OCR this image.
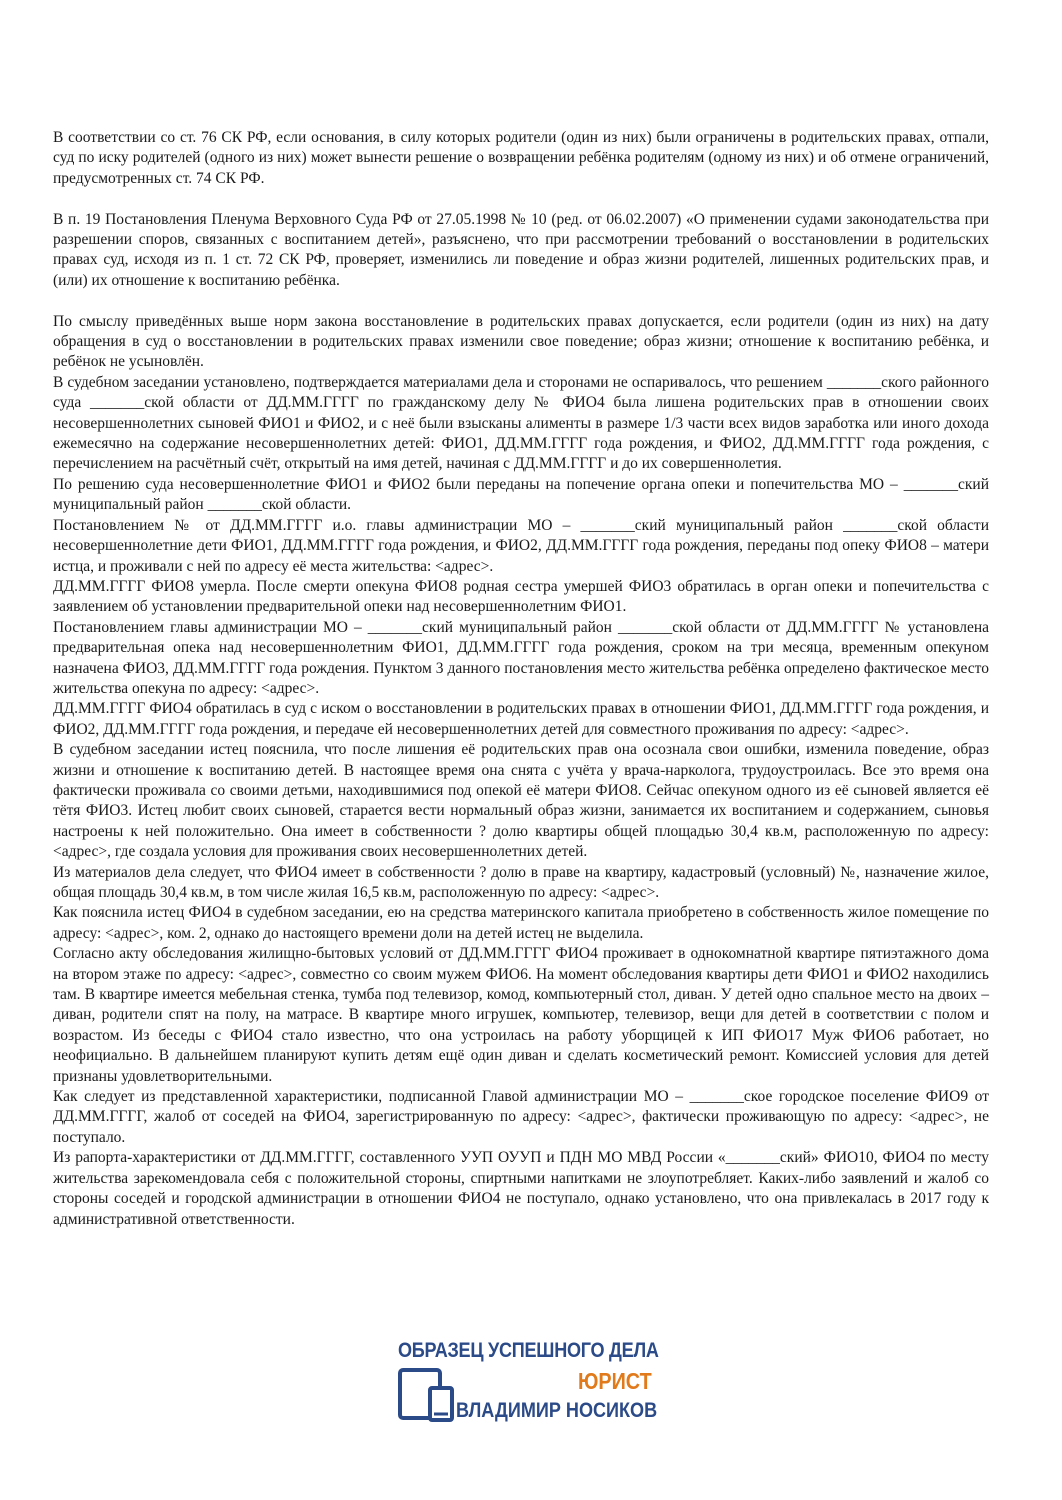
В соответствии со ст. 76 СК РФ, если основания, в силу которых родители (один из них) были ограничены в родительских правах, отпали, суд по иску родителей (одного из них) может вынести решение о возвращении ребёнка родителям (одному из них) и об отмене ограничений, предусмотренных ст. 74 СК РФ.

В п. 19 Постановления Пленума Верховного Суда РФ от 27.05.1998 № 10 (ред. от 06.02.2007) «О применении судами законодательства при разрешении споров, связанных с воспитанием детей», разъяснено, что при рассмотрении требований о восстановлении в родительских правах суд, исходя из п. 1 ст. 72 СК РФ, проверяет, изменились ли поведение и образ жизни родителей, лишенных родительских прав, и (или) их отношение к воспитанию ребёнка.

По смыслу приведённых выше норм закона восстановление в родительских правах допускается, если родители (один из них) на дату обращения в суд о восстановлении в родительских правах изменили свое поведение; образ жизни; отношение к воспитанию ребёнка, и ребёнок не усыновлён.

В судебном заседании установлено, подтверждается материалами дела и сторонами не оспаривалось, что решением _______ского районного суда _______ской области от ДД.ММ.ГГГГ по гражданскому делу № ФИО4 была лишена родительских прав в отношении своих несовершеннолетних сыновей ФИО1 и ФИО2, и с неё были взысканы алименты в размере 1/3 части всех видов заработка или иного дохода ежемесячно на содержание несовершеннолетних детей: ФИО1, ДД.ММ.ГГГГ года рождения, и ФИО2, ДД.ММ.ГГГГ года рождения, с перечислением на расчётный счёт, открытый на имя детей, начиная с ДД.ММ.ГГГГ и до их совершеннолетия.

По решению суда несовершеннолетние ФИО1 и ФИО2 были переданы на попечение органа опеки и попечительства МО – _______ский муниципальный район _______ской области.

Постановлением № от ДД.ММ.ГГГГ и.о. главы администрации МО – _______ский муниципальный район _______ской области несовершеннолетние дети ФИО1, ДД.ММ.ГГГГ года рождения, и ФИО2, ДД.ММ.ГГГГ года рождения, переданы под опеку ФИО8 – матери истца, и проживали с ней по адресу её места жительства: <адрес>.

ДД.ММ.ГГГГ ФИО8 умерла. После смерти опекуна ФИО8 родная сестра умершей ФИО3 обратилась в орган опеки и попечительства с заявлением об установлении предварительной опеки над несовершеннолетним ФИО1.

Постановлением главы администрации МО – _______ский муниципальный район _______ской области от ДД.ММ.ГГГГ № установлена предварительная опека над несовершеннолетним ФИО1, ДД.ММ.ГГГГ года рождения, сроком на три месяца, временным опекуном назначена ФИО3, ДД.ММ.ГГГГ года рождения. Пунктом 3 данного постановления место жительства ребёнка определено фактическое место жительства опекуна по адресу: <адрес>.

ДД.ММ.ГГГГ ФИО4 обратилась в суд с иском о восстановлении в родительских правах в отношении ФИО1, ДД.ММ.ГГГГ года рождения, и ФИО2, ДД.ММ.ГГГГ года рождения, и передаче ей несовершеннолетних детей для совместного проживания по адресу: <адрес>.

В судебном заседании истец пояснила, что после лишения её родительских прав она осознала свои ошибки, изменила поведение, образ жизни и отношение к воспитанию детей. В настоящее время она снята с учёта у врача-нарколога, трудоустроилась. Все это время она фактически проживала со своими детьми, находившимися под опекой её матери ФИО8. Сейчас опекуном одного из её сыновей является её тётя ФИО3. Истец любит своих сыновей, старается вести нормальный образ жизни, занимается их воспитанием и содержанием, сыновья настроены к ней положительно. Она имеет в собственности ? долю квартиры общей площадью 30,4 кв.м, расположенную по адресу: <адрес>, где создала условия для проживания своих несовершеннолетних детей.

Из материалов дела следует, что ФИО4 имеет в собственности ? долю в праве на квартиру, кадастровый (условный) №, назначение жилое, общая площадь 30,4 кв.м, в том числе жилая 16,5 кв.м, расположенную по адресу: <адрес>.

Как пояснила истец ФИО4 в судебном заседании, ею на средства материнского капитала приобретено в собственность жилое помещение по адресу: <адрес>, ком. 2, однако до настоящего времени доли на детей истец не выделила.

Согласно акту обследования жилищно-бытовых условий от ДД.ММ.ГГГГ ФИО4 проживает в однокомнатной квартире пятиэтажного дома на втором этаже по адресу: <адрес>, совместно со своим мужем ФИО6. На момент обследования квартиры дети ФИО1 и ФИО2 находились там. В квартире имеется мебельная стенка, тумба под телевизор, комод, компьютерный стол, диван. У детей одно спальное место на двоих – диван, родители спят на полу, на матрасе. В квартире много игрушек, компьютер, телевизор, вещи для детей в соответствии с полом и возрастом. Из беседы с ФИО4 стало известно, что она устроилась на работу уборщицей к ИП ФИО17 Муж ФИО6 работает, но неофициально. В дальнейшем планируют купить детям ещё один диван и сделать косметический ремонт. Комиссией условия для детей признаны удовлетворительными.

Как следует из представленной характеристики, подписанной Главой администрации МО – _______ское городское поселение ФИО9 от ДД.ММ.ГГГГ, жалоб от соседей на ФИО4, зарегистрированную по адресу: <адрес>, фактически проживающую по адресу: <адрес>, не поступало.

Из рапорта-характеристики от ДД.ММ.ГГГГ, составленного УУП ОУУП и ПДН МО МВД России «_______ский» ФИО10, ФИО4 по месту жительства зарекомендовала себя с положительной стороны, спиртными напитками не злоупотребляет. Каких-либо заявлений и жалоб со стороны соседей и городской администрации в отношении ФИО4 не поступало, однако установлено, что она привлекалась в 2017 году к административной ответственности.

ОБРАЗЕЦ УСПЕШНОГО ДЕЛА
ЮРИСТ
ВЛАДИМИР НОСИКОВ
